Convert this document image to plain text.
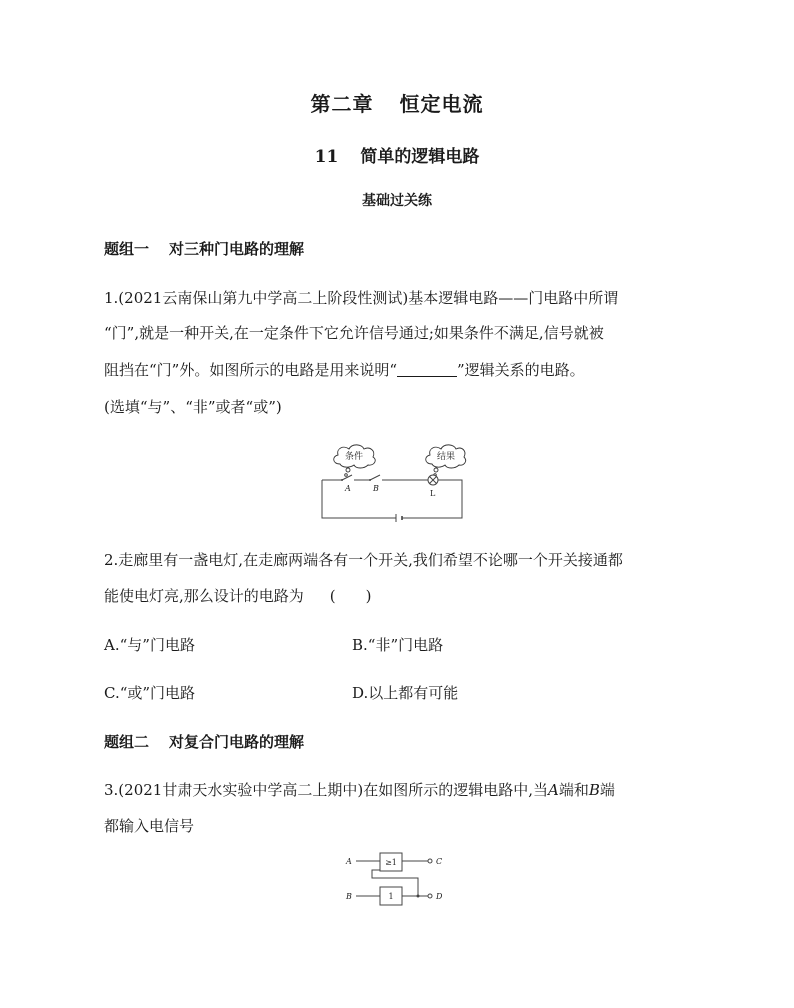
第二章 恒定电流
11 简单的逻辑电路
基础过关练
题组一 对三种门电路的理解
1.(2021云南保山第九中学高二上阶段性测试)基本逻辑电路——门电路中所谓
“门”,就是一种开关,在一定条件下它允许信号通过;如果条件不满足,信号就被
阻挡在“门”外。如图所示的电路是用来说明“	”逻辑关系的电路。
(选填“与”、“非”或者“或”)
条件	结果
A	B
L
2.走廊里有一盏电灯,在走廊两端各有一个开关,我们希望不论哪一个开关接通都
能使电灯亮,那么设计的电路为 (　　)
A.“与”门电路	B.“非”门电路
C.“或”门电路	D.以上都有可能
题组二 对复合门电路的理解
3.(2021甘肃天水实验中学高二上期中)在如图所示的逻辑电路中,当A端和B端
都输入电信号
≥1
1
A
B
C
D
